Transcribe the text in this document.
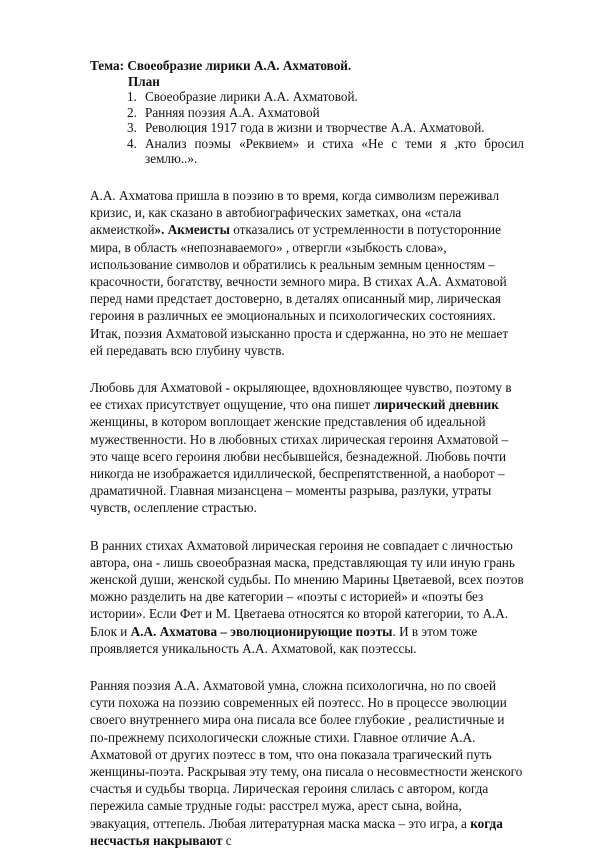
Тема: Своеобразие лирики А.А. Ахматовой.

План

1. Своеобразие лирики А.А. Ахматовой.
2. Ранняя поэзия А.А. Ахматовой
3. Революция 1917 года в жизни и творчестве А.А. Ахматовой.
4. Анализ поэмы «Реквием» и стиха «Не с теми я ,кто бросил землю..».

А.А. Ахматова пришла в поэзию в то время, когда символизм переживал кризис, и, как сказано в автобиографических заметках, она «стала акмеисткой». Акмеисты отказались от устремленности в потусторонние мира, в область «непознаваемого» , отвергли «зыбкость слова», использование символов и обратились к реальным земным ценностям – красочности, богатству, вечности земного мира. В стихах А.А. Ахматовой перед нами предстает достоверно, в деталях описанный мир, лирическая героиня в различных ее эмоциональных и психологических состояниях. Итак, поэзия Ахматовой изысканно проста и сдержанна, но это не мешает ей передавать всю глубину чувств.

Любовь для Ахматовой - окрыляющее, вдохновляющее чувство, поэтому в ее стихах присутствует ощущение, что она пишет лирический дневник женщины, в котором воплощает женские представления об идеальной мужественности. Но в любовных стихах лирическая героиня Ахматовой – это чаще всего героиня любви несбывшейся, безнадежной. Любовь почти никогда не изображается идиллической, беспрепятственной, а наоборот – драматичной. Главная мизансцена – моменты разрыва, разлуки, утраты чувств, ослепление страстью.

В ранних стихах Ахматовой лирическая героиня не совпадает с личностью автора, она - лишь своеобразная маска, представляющая ту или иную грань женской души, женской судьбы. По мнению Марины Цветаевой, всех поэтов можно разделить на две категории – «поэты с историей» и «поэты без истории». Если Фет и М. Цветаева относятся ко второй категории, то А.А. Блок и А.А. Ахматова – эволюционирующие поэты. И в этом тоже проявляется уникальность А.А. Ахматовой, как поэтессы.

Ранняя поэзия А.А. Ахматовой умна, сложна психологична, но по своей сути похожа на поэзию современных ей поэтесс. Но в процессе эволюции своего внутреннего мира она писала все более глубокие , реалистичные и по-прежнему психологически сложные стихи. Главное отличие А.А. Ахматовой от других поэтесс в том, что она показала трагический путь женщины-поэта. Раскрывая эту тему, она писала о несовместности женского счастья и судьбы творца. Лирическая героиня слилась с автором, когда пережила самые трудные годы: расстрел мужа, арест сына, война, эвакуация, оттепель. Любая литературная маска маска – это игра, а когда несчастья накрывают с
